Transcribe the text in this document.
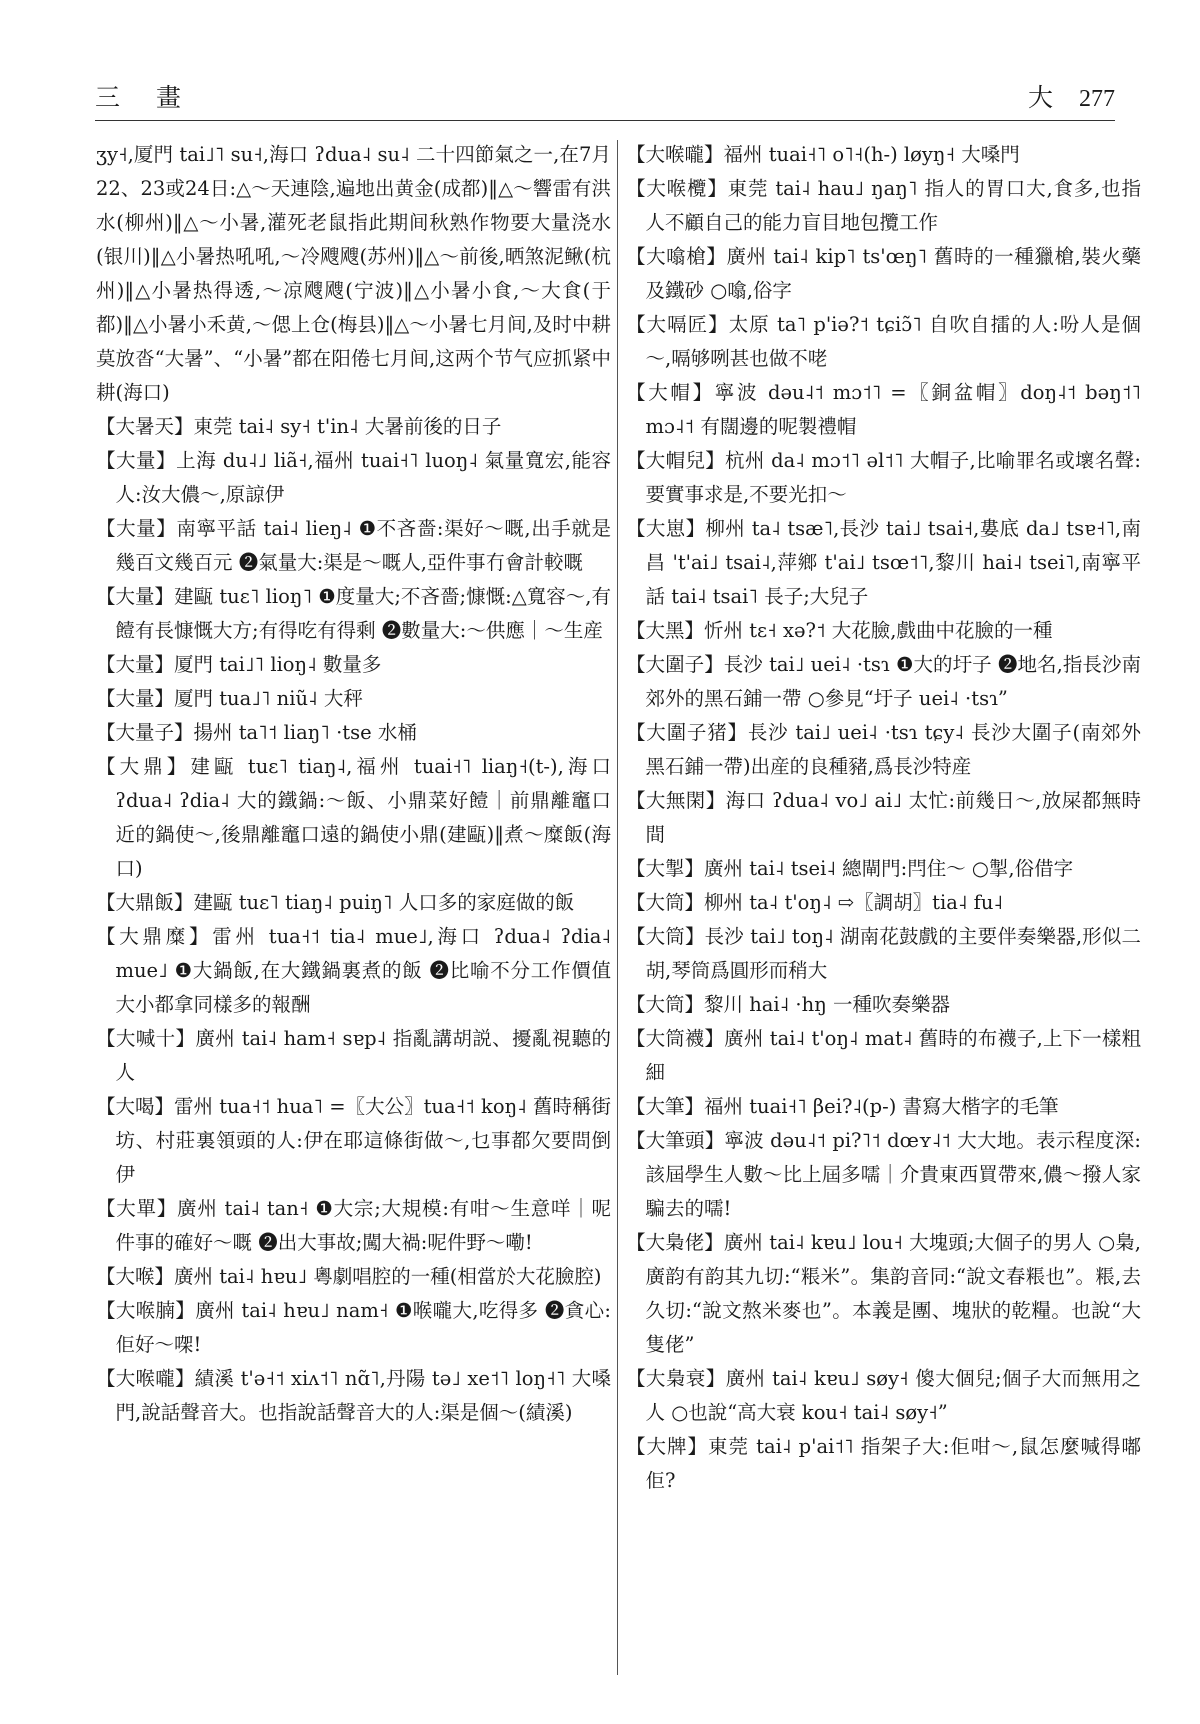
三 畫	大 277

ʒy˧,厦門 tai˩˥ su˧,海口 ʔdua˨ su˨ 二十四節氣之一,在7月22、23或24日:△～天連陰,遍地出黄金(成都)‖△～響雷有洪水(柳州)‖△～小暑,灌死老鼠指此期间秋熟作物要大量浇水(银川)‖△小暑热吼吼,～冷飕飕(苏州)‖△～前後,晒煞泥鳅(杭州)‖△小暑热得透,～凉飕飕(宁波)‖△小暑小食,～大食(于都)‖△小暑小禾黄,～偲上仓(梅县)‖△～小暑七月间,及时中耕莫放沓“大暑”、“小暑”都在阳倦七月间,这两个节气应抓紧中耕(海口)

【大暑天】東莞 tai˨ sy˧ t'in˨ 大暑前後的日子

【大量】上海 du˨˩ liã˧,福州 tuai˧˥ luoŋ˨ 氣量寬宏,能容人:汝大儂～,原諒伊

【大量】南寧平話 tai˨ lieŋ˨ ❶不吝嗇:渠好～嘅,出手就是幾百文幾百元 ❷氣量大:渠是～嘅人,亞件事冇會計較嘅

【大量】建甌 tuɛ˥ lioŋ˥ ❶度量大;不吝嗇;慷慨:△寬容～,有饐有長慷慨大方;有得吃有得剩 ❷數量大:～供應｜～生産

【大量】厦門 tai˩˥ lioŋ˨ 數量多

【大量】厦門 tua˩˥ niũ˨ 大秤

【大量子】揚州 ta˥˦ liaŋ˥ ·tse 水桶

【大鼎】建甌 tuɛ˥ tiaŋ˨,福州 tuai˧˥ liaŋ˧(t-),海口 ʔdua˨ ʔdia˨ 大的鐵鍋:～飯、小鼎菜好饐｜前鼎離竈口近的鍋使～,後鼎離竈口遠的鍋使小鼎(建甌)‖煮～糜飯(海口)

【大鼎飯】建甌 tuɛ˥ tiaŋ˨ puiŋ˥ 人口多的家庭做的飯

【大鼎糜】雷州 tua˧˦ tia˨ mue˩,海口 ʔdua˨ ʔdia˨ mue˩ ❶大鍋飯,在大鐵鍋裏煮的飯 ❷比喻不分工作價值大小都拿同樣多的報酬

【大喊十】廣州 tai˨ ham˧ sɐp˨ 指亂講胡説、擾亂視聽的人

【大喝】雷州 tua˧˦ hua˥ =〖大公〗tua˧˦ koŋ˨ 舊時稱街坊、村莊裏領頭的人:伊在耶這條街做～,乜事都欠要問倒伊

【大單】廣州 tai˨ tan˧ ❶大宗;大規模:有咁～生意咩｜呢件事的確好～嘅 ❷出大事故;闖大禍:呢件野～嘞!

【大喉】廣州 tai˨ hɐu˩ 粵劇唱腔的一種(相當於大花臉腔)

【大喉腩】廣州 tai˨ hɐu˩ nam˧ ❶喉嚨大,吃得多 ❷貪心:佢好～㗎!

【大喉嚨】績溪 t'ə˧˦ xiʌ˦˥ nɑ̃˥,丹陽 tə˩ xe˦˥ loŋ˧˥ 大嗓門,說話聲音大。也指說話聲音大的人:渠是個～(績溪)

【大喉嚨】福州 tuai˧˥ o˥˧(h-) løyŋ˧ 大嗓門

【大喉欖】東莞 tai˨ hau˩ ŋaŋ˥ 指人的胃口大,食多,也指人不顧自己的能力盲目地包攬工作

【大噏槍】廣州 tai˨ kip˥ ts'œŋ˥ 舊時的一種獵槍,裝火藥及鐵砂 ○噏,俗字

【大嗝匠】太原 ta˥ p'iə?˦ tɕiɔ̃˥ 自吹自擂的人:吩人是個～,嗝够咧甚也做不咾

【大帽】寧波 dəu˨˦ mɔ˦˥ =〖銅盆帽〗doŋ˨˦ bəŋ˦˥ mɔ˨˦ 有闊邊的呢製禮帽

【大帽兒】杭州 da˨ mɔ˦˥ əl˦˥ 大帽子,比喻罪名或壞名聲:要實事求是,不要光扣～

【大崽】柳州 ta˨ tsæ˥,長沙 tai˩ tsai˧,婁底 da˩ tsɐ˧˥,南昌 't'ai˩ tsai˨,萍鄉 t'ai˩ tsœ˦˥,黎川 hai˨ tsei˥,南寧平話 tai˨ tsai˥ 長子;大兒子

【大黑】忻州 tɛ˧ xə?˦ 大花臉,戲曲中花臉的一種

【大圍子】長沙 tai˩ uei˨ ·tsɿ ❶大的圩子 ❷地名,指長沙南郊外的黑石鋪一帶 ○參見“圩子 uei˨ ·tsɿ”

【大圍子猪】長沙 tai˩ uei˨ ·tsɿ tɕy˨ 長沙大圍子(南郊外黑石鋪一帶)出産的良種豬,爲長沙特産

【大無閑】海口 ʔdua˨ vo˩ ai˩ 太忙:前幾日～,放屎都無時間

【大掣】廣州 tai˨ tsei˨ 總閘門:閂住～ ○掣,俗借字

【大筒】柳州 ta˨ t'oŋ˨ ⇨〖調胡〗tia˨ fu˨

【大筒】長沙 tai˩ toŋ˨ 湖南花鼓戲的主要伴奏樂器,形似二胡,琴筒爲圓形而稍大

【大筒】黎川 hai˨ ·hŋ 一種吹奏樂器

【大筒襪】廣州 tai˨ t'oŋ˨ mat˨ 舊時的布襪子,上下一樣粗細

【大筆】福州 tuai˧˥ βei?˨(p-) 書寫大楷字的毛筆

【大筆頭】寧波 dəu˨˦ pi?˥˦ dœʏ˨˦ 大大地。表示程度深:該屆學生人數～比上屆多嚅｜介貴東西買帶來,儂～撥人家騙去的嚅!

【大梟佬】廣州 tai˨ kɐu˩ lou˧ 大塊頭;大個子的男人 ○梟,廣韵有韵其九切:“粻米”。集韵音同:“說文春粻也”。粻,去久切:“說文熬米麥也”。本義是團、塊狀的乾糧。也說“大隻佬”

【大梟衰】廣州 tai˨ kɐu˩ søy˧ 傻大個兒;個子大而無用之人 ○也說“高大衰 kou˧ tai˨ søy˧”

【大牌】東莞 tai˨ p'ai˦˥ 指架子大:佢咁～,鼠怎麼喊得嘟佢?
